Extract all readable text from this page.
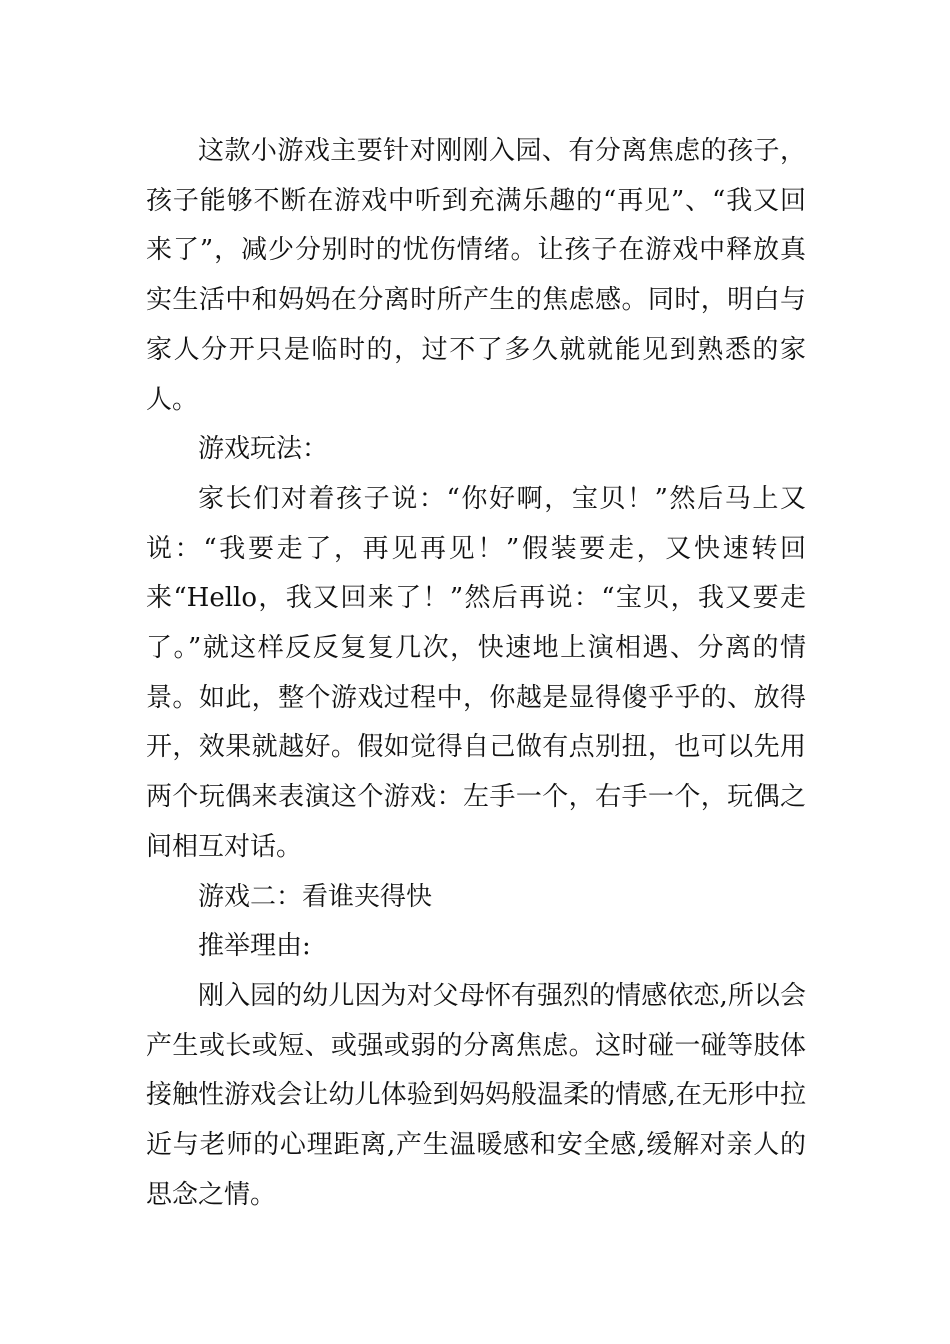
这款小游戏主要针对刚刚入园、有分离焦虑的孩子，孩子能够不断在游戏中听到充满乐趣的“再见”、“我又回来了”，减少分别时的忧伤情绪。让孩子在游戏中释放真实生活中和妈妈在分离时所产生的焦虑感。同时，明白与家人分开只是临时的，过不了多久就就能见到熟悉的家人。

游戏玩法：

家长们对着孩子说：“你好啊，宝贝！”然后马上又说：“我要走了，再见再见！”假装要走，又快速转回来“Hello，我又回来了！”然后再说：“宝贝，我又要走了。”就这样反反复复几次，快速地上演相遇、分离的情景。如此，整个游戏过程中，你越是显得傻乎乎的、放得开，效果就越好。假如觉得自己做有点别扭，也可以先用两个玩偶来表演这个游戏：左手一个，右手一个，玩偶之间相互对话。

游戏二：看谁夹得快

推举理由:

刚入园的幼儿因为对父母怀有强烈的情感依恋,所以会产生或长或短、或强或弱的分离焦虑。这时碰一碰等肢体接触性游戏会让幼儿体验到妈妈般温柔的情感,在无形中拉近与老师的心理距离,产生温暖感和安全感,缓解对亲人的思念之情。
